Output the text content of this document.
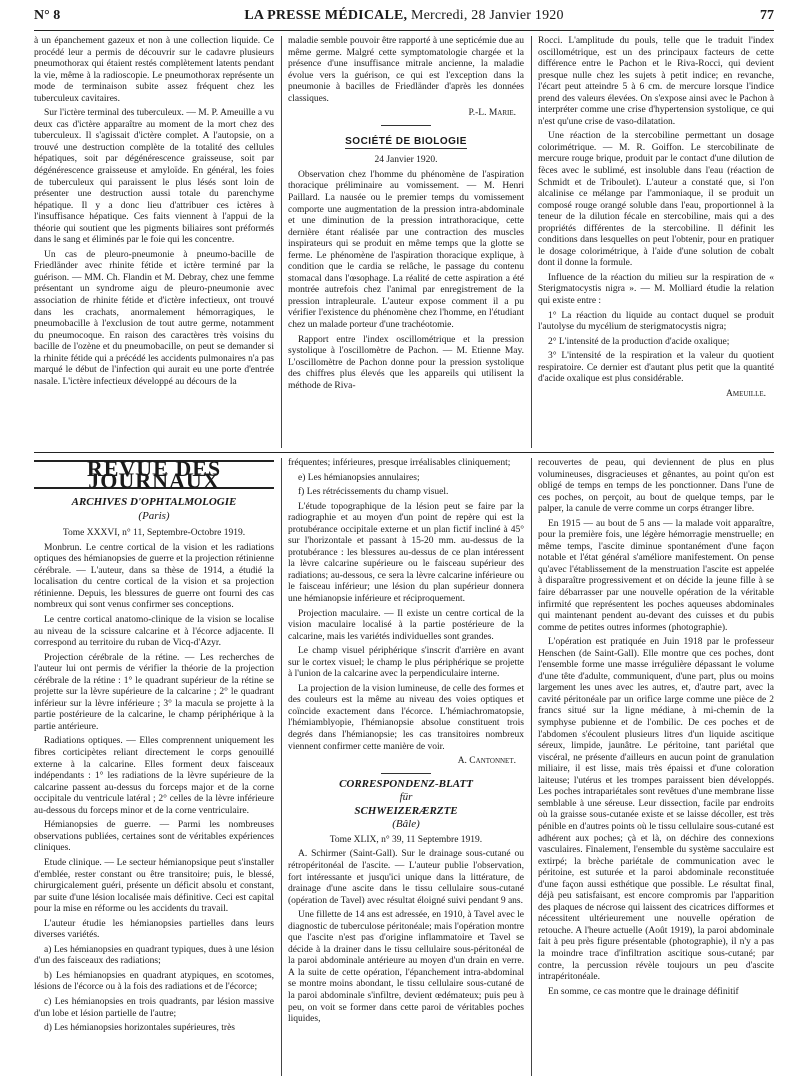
N° 8	LA PRESSE MÉDICALE, Mercredi, 28 Janvier 1920	77

à un épanchement gazeux et non à une collection liquide. Ce procédé leur a permis de découvrir sur le cadavre plusieurs pneumothorax qui étaient restés complètement latents pendant la vie, même à la radioscopie. Le pneumothorax représente un mode de terminaison subite assez fréquent chez les tuberculeux cavitaires.

Sur l'ictère terminal des tuberculeux. — M. P. Ameuille a vu deux cas d'ictère apparaître au moment de la mort chez des tuberculeux. Il s'agissait d'ictère complet. A l'autopsie, on a trouvé une destruction complète de la totalité des cellules hépatiques, soit par dégénérescence graisseuse, soit par dégénérescence graisseuse et amyloïde. En général, les foies de tuberculeux qui paraissent le plus lésés sont loin de présenter une destruction aussi totale du parenchyme hépatique. Il y a donc lieu d'attribuer ces ictères à l'insuffisance hépatique. Ces faits viennent à l'appui de la théorie qui soutient que les pigments biliaires sont préformés dans le sang et éliminés par le foie qui les concentre.

Un cas de pleuro-pneumonie à pneumo-bacille de Friedländer avec rhinite fétide et ictère terminé par la guérison. — MM. Ch. Flandin et M. Debray, chez une femme présentant un syndrome aigu de pleuro-pneumonie avec association de rhinite fétide et d'ictère infectieux, ont trouvé dans les crachats, anormalement hémorragiques, le pneumobacille à l'exclusion de tout autre germe, notamment du pneumocoque. En raison des caractères très voisins du bacille de l'ozène et du pneumobacille, on peut se demander si la rhinite fétide qui a précédé les accidents pulmonaires n'a pas marqué le début de l'infection qui aurait eu une porte d'entrée nasale. L'ictère infectieux développé au décours de la

maladie semble pouvoir être rapporté à une septicémie due au même germe. Malgré cette symptomatologie chargée et la présence d'une insuffisance mitrale ancienne, la maladie évolue vers la guérison, ce qui est l'exception dans la pneumonie à bacilles de Friedländer d'après les données classiques.

P.-L. Marie.
SOCIÉTÉ DE BIOLOGIE

24 Janvier 1920.

Observation chez l'homme du phénomène de l'aspiration thoracique préliminaire au vomissement. — M. Henri Paillard. La nausée ou le premier temps du vomissement comporte une augmentation de la pression intra-abdominale et une diminution de la pression intrathoracique, cette dernière étant réalisée par une contraction des muscles inspirateurs qui se produit en même temps que la glotte se ferme. Le phénomène de l'aspiration thoracique explique, à condition que le cardia se relâche, le passage du contenu stomacal dans l'œsophage. La réalité de cette aspiration a été montrée autrefois chez l'animal par enregistrement de la pression intrapleurale. L'auteur expose comment il a pu vérifier l'existence du phénomène chez l'homme, en l'étudiant chez un malade porteur d'une trachéotomie.

Rapport entre l'index oscillométrique et la pression systolique à l'oscillomètre de Pachon. — M. Etienne May. L'oscillomètre de Pachon donne pour la pression systolique des chiffres plus élevés que les appareils qui utilisent la méthode de Riva-

Rocci. L'amplitude du pouls, telle que le traduit l'index oscillométrique, est un des principaux facteurs de cette différence entre le Pachon et le Riva-Rocci, qui devient presque nulle chez les sujets à petit indice; en revanche, l'écart peut atteindre 5 à 6 cm. de mercure lorsque l'indice prend des valeurs élevées. On s'expose ainsi avec le Pachon à interpréter comme une crise d'hypertension systolique, ce qui n'est qu'une crise de vaso-dilatation.

Une réaction de la stercobiline permettant un dosage colorimétrique. — M. R. Goiffon. Le stercobilinate de mercure rouge brique, produit par le contact d'une dilution de fèces avec le sublimé, est insoluble dans l'eau (réaction de Schmidt et de Triboulet). L'auteur a constaté que, si l'on alcalinise ce mélange par l'ammoniaque, il se produit un composé rouge orangé soluble dans l'eau, proportionnel à la teneur de la dilution fécale en stercobiline, mais qui a des propriétés différentes de la stercobiline. Il définit les conditions dans lesquelles on peut l'obtenir, pour en pratiquer le dosage colorimétrique, à l'aide d'une solution de cobalt dont il donne la formule.

Influence de la réaction du milieu sur la respiration de « Sterigmatocystis nigra ». — M. Molliard étudie la relation qui existe entre :

1° La réaction du liquide au contact duquel se produit l'autolyse du mycélium de sterigmatocystis nigra;

2° L'intensité de la production d'acide oxalique;

3° L'intensité de la respiration et la valeur du quotient respiratoire. Ce dernier est d'autant plus petit que la quantité d'acide oxalique est plus considérable.

Ameuille.
REVUE DES JOURNAUX
ARCHIVES D'OPHTALMOLOGIE
(Paris)

Tome XXXVI, n° 11, Septembre-Octobre 1919.

Monbrun. Le centre cortical de la vision et les radiations optiques des hémianopsies de guerre et la projection rétinienne cérébrale. — L'auteur, dans sa thèse de 1914, a étudié la localisation du centre cortical de la vision et sa projection rétinienne. Depuis, les blessures de guerre ont fourni des cas nombreux qui sont venus confirmer ses conceptions.

Le centre cortical anatomo-clinique de la vision se localise au niveau de la scissure calcarine et à l'écorce adjacente. Il correspond au territoire du ruban de Vicq-d'Azyr.

Projection cérébrale de la rétine. — Les recherches de l'auteur lui ont permis de vérifier la théorie de la projection cérébrale de la rétine : 1° le quadrant supérieur de la rétine se projette sur la lèvre supérieure de la calcarine ; 2° le quadrant inférieur sur la lèvre inférieure ; 3° la macula se projette à la partie postérieure de la calcarine, le champ périphérique à la partie antérieure.

Radiations optiques. — Elles comprennent uniquement les fibres corticipètes reliant directement le corps genouillé externe à la calcarine. Elles forment deux faisceaux indépendants : 1° les radiations de la lèvre supérieure de la calcarine passent au-dessus du forceps major et de la corne occipitale du ventricule latéral ; 2° celles de la lèvre inférieure au-dessous du forceps minor et de la corne ventriculaire.

Hémianopsies de guerre. — Parmi les nombreuses observations publiées, certaines sont de véritables expériences cliniques.

Etude clinique. — Le secteur hémianopsique peut s'installer d'emblée, rester constant ou être transitoire; puis, le blessé, chirurgicalement guéri, présente un déficit absolu et constant, par suite d'une lésion localisée mais définitive. Ceci est capital pour la mise en réforme ou les accidents du travail.

L'auteur étudie les hémianopsies partielles dans leurs diverses variétés.

a) Les hémianopsies en quadrant typiques, dues à une lésion d'un des faisceaux des radiations;

b) Les hémianopsies en quadrant atypiques, en scotomes, lésions de l'écorce ou à la fois des radiations et de l'écorce;

c) Les hémianopsies en trois quadrants, par lésion massive d'un lobe et lésion partielle de l'autre;

d) Les hémianopsies horizontales supérieures, très

fréquentes; inférieures, presque irréalisables cliniquement;

e) Les hémianopsies annulaires;

f) Les rétrécissements du champ visuel.

L'étude topographique de la lésion peut se faire par la radiographie et au moyen d'un point de repère qui est la protubérance occipitale externe et un plan fictif incliné à 45° sur l'horizontale et passant à 15-20 mm. au-dessus de la protubérance : les blessures au-dessus de ce plan intéressent la lèvre calcarine supérieure ou le faisceau supérieur des radiations; au-dessous, ce sera la lèvre calcarine inférieure ou le faisceau inférieur; une lésion du plan supérieur donnera une hémianopsie inférieure et réciproquement.

Projection maculaire. — Il existe un centre cortical de la vision maculaire localisé à la partie postérieure de la calcarine, mais les variétés individuelles sont grandes.

Le champ visuel périphérique s'inscrit d'arrière en avant sur le cortex visuel; le champ le plus périphérique se projette à l'union de la calcarine avec la perpendiculaire interne.

La projection de la vision lumineuse, de celle des formes et des couleurs est la même au niveau des voies optiques et coïncide exactement dans l'écorce. L'hémiachromatopsie, l'hémiamblyopie, l'hémianopsie absolue constituent trois degrés dans l'hémianopsie; les cas transitoires nombreux viennent confirmer cette manière de voir.

A. Cantonnet.
CORRESPONDENZ-BLATT
für
SCHWEIZERÆRZTE
(Bâle)

Tome XLIX, n° 39, 11 Septembre 1919.

A. Schirmer (Saint-Gall). Sur le drainage sous-cutané ou rétropéritonéal de l'ascite. — L'auteur publie l'observation, fort intéressante et jusqu'ici unique dans la littérature, de drainage d'une ascite dans le tissu cellulaire sous-cutané (opération de Tavel) avec résultat éloigné suivi pendant 9 ans.

Une fillette de 14 ans est adressée, en 1910, à Tavel avec le diagnostic de tuberculose péritonéale; mais l'opération montre que l'ascite n'est pas d'origine inflammatoire et Tavel se décide à la drainer dans le tissu cellulaire sous-péritonéal de la paroi abdominale antérieure au moyen d'un drain en verre. A la suite de cette opération, l'épanchement intra-abdominal se montre moins abondant, le tissu cellulaire sous-cutané de la paroi abdominale s'infiltre, devient œdémateux; puis peu à peu, on voit se former dans cette paroi de véritables poches liquides,

recouvertes de peau, qui deviennent de plus en plus volumineuses, disgracieuses et gênantes, au point qu'on est obligé de temps en temps de les ponctionner. Dans l'une de ces poches, on perçoit, au bout de quelque temps, par le palper, la canule de verre comme un corps étranger libre.

En 1915 — au bout de 5 ans — la malade voit apparaître, pour la première fois, une légère hémorragie menstruelle; en même temps, l'ascite diminue spontanément d'une façon notable et l'état général s'améliore manifestement. On pense qu'avec l'établissement de la menstruation l'ascite est appelée à disparaître progressivement et on décide la jeune fille à se faire débarrasser par une nouvelle opération de la véritable infirmité que représentent les poches aqueuses abdominales qui maintenant pendent au-devant des cuisses et du pubis comme de petites outres informes (photographie).

L'opération est pratiquée en Juin 1918 par le professeur Henschen (de Saint-Gall). Elle montre que ces poches, dont l'ensemble forme une masse irrégulière dépassant le volume d'une tête d'adulte, communiquent, d'une part, plus ou moins largement les unes avec les autres, et, d'autre part, avec la cavité péritonéale par un orifice large comme une pièce de 2 francs situé sur la ligne médiane, à mi-chemin de la symphyse pubienne et de l'ombilic. De ces poches et de l'abdomen s'écoulent plusieurs litres d'un liquide ascitique séreux, limpide, jaunâtre. Le péritoine, tant pariétal que viscéral, ne présente d'ailleurs en aucun point de granulation miliaire, il est lisse, mais très épaissi et d'une coloration laiteuse; l'utérus et les trompes paraissent bien développés. Les poches intrapariétales sont revêtues d'une membrane lisse semblable à une séreuse. Leur dissection, facile par endroits où la graisse sous-cutanée existe et se laisse décoller, est très pénible en d'autres points où le tissu cellulaire sous-cutané est adhérent aux poches; çà et là, on déchire des connexions vasculaires. Finalement, l'ensemble du système sacculaire est extirpé; la brèche pariétale de communication avec le péritoine, est suturée et la paroi abdominale reconstituée d'une façon aussi esthétique que possible. Le résultat final, déjà peu satisfaisant, est encore compromis par l'apparition des plaques de nécrose qui laissent des cicatrices difformes et nécessitent ultérieurement une nouvelle opération de retouche. A l'heure actuelle (Août 1919), la paroi abdominale fait à peu près figure présentable (photographie), il n'y a pas la moindre trace d'infiltration ascitique sous-cutané; par contre, la percussion révèle toujours un peu d'ascite intrapéritonéale.

En somme, ce cas montre que le drainage définitif
